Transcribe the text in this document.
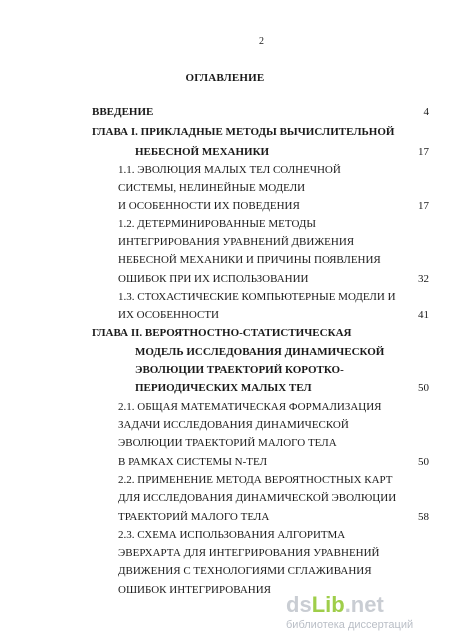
2
ОГЛАВЛЕНИЕ
ВВЕДЕНИЕ	4
ГЛАВА I. ПРИКЛАДНЫЕ МЕТОДЫ ВЫЧИСЛИТЕЛЬНОЙ
НЕБЕСНОЙ МЕХАНИКИ	17
1.1. ЭВОЛЮЦИЯ МАЛЫХ ТЕЛ СОЛНЕЧНОЙ
СИСТЕМЫ, НЕЛИНЕЙНЫЕ МОДЕЛИ
И ОСОБЕННОСТИ ИХ ПОВЕДЕНИЯ	17
1.2. ДЕТЕРМИНИРОВАННЫЕ МЕТОДЫ
ИНТЕГРИРОВАНИЯ УРАВНЕНИЙ ДВИЖЕНИЯ
НЕБЕСНОЙ МЕХАНИКИ И ПРИЧИНЫ ПОЯВЛЕНИЯ
ОШИБОК ПРИ ИХ ИСПОЛЬЗОВАНИИ	32
1.3. СТОХАСТИЧЕСКИЕ КОМПЬЮТЕРНЫЕ МОДЕЛИ И
ИХ ОСОБЕННОСТИ	41
ГЛАВА II. ВЕРОЯТНОСТНО-СТАТИСТИЧЕСКАЯ
МОДЕЛЬ ИССЛЕДОВАНИЯ ДИНАМИЧЕСКОЙ
ЭВОЛЮЦИИ ТРАЕКТОРИЙ КОРОТКО-
ПЕРИОДИЧЕСКИХ МАЛЫХ ТЕЛ	50
2.1. ОБЩАЯ МАТЕМАТИЧЕСКАЯ ФОРМАЛИЗАЦИЯ
ЗАДАЧИ ИССЛЕДОВАНИЯ ДИНАМИЧЕСКОЙ
ЭВОЛЮЦИИ ТРАЕКТОРИЙ МАЛОГО ТЕЛА
В РАМКАХ СИСТЕМЫ N-ТЕЛ	50
2.2. ПРИМЕНЕНИЕ МЕТОДА ВЕРОЯТНОСТНЫХ КАРТ
ДЛЯ ИССЛЕДОВАНИЯ ДИНАМИЧЕСКОЙ ЭВОЛЮЦИИ
ТРАЕКТОРИЙ МАЛОГО ТЕЛА	58
2.3. СХЕМА ИСПОЛЬЗОВАНИЯ АЛГОРИТМА
ЭВЕРХАРТА ДЛЯ ИНТЕГРИРОВАНИЯ УРАВНЕНИЙ
ДВИЖЕНИЯ С ТЕХНОЛОГИЯМИ СГЛАЖИВАНИЯ
ОШИБОК ИНТЕГРИРОВАНИЯ
ds Lib .net
библиотека диссертаций
